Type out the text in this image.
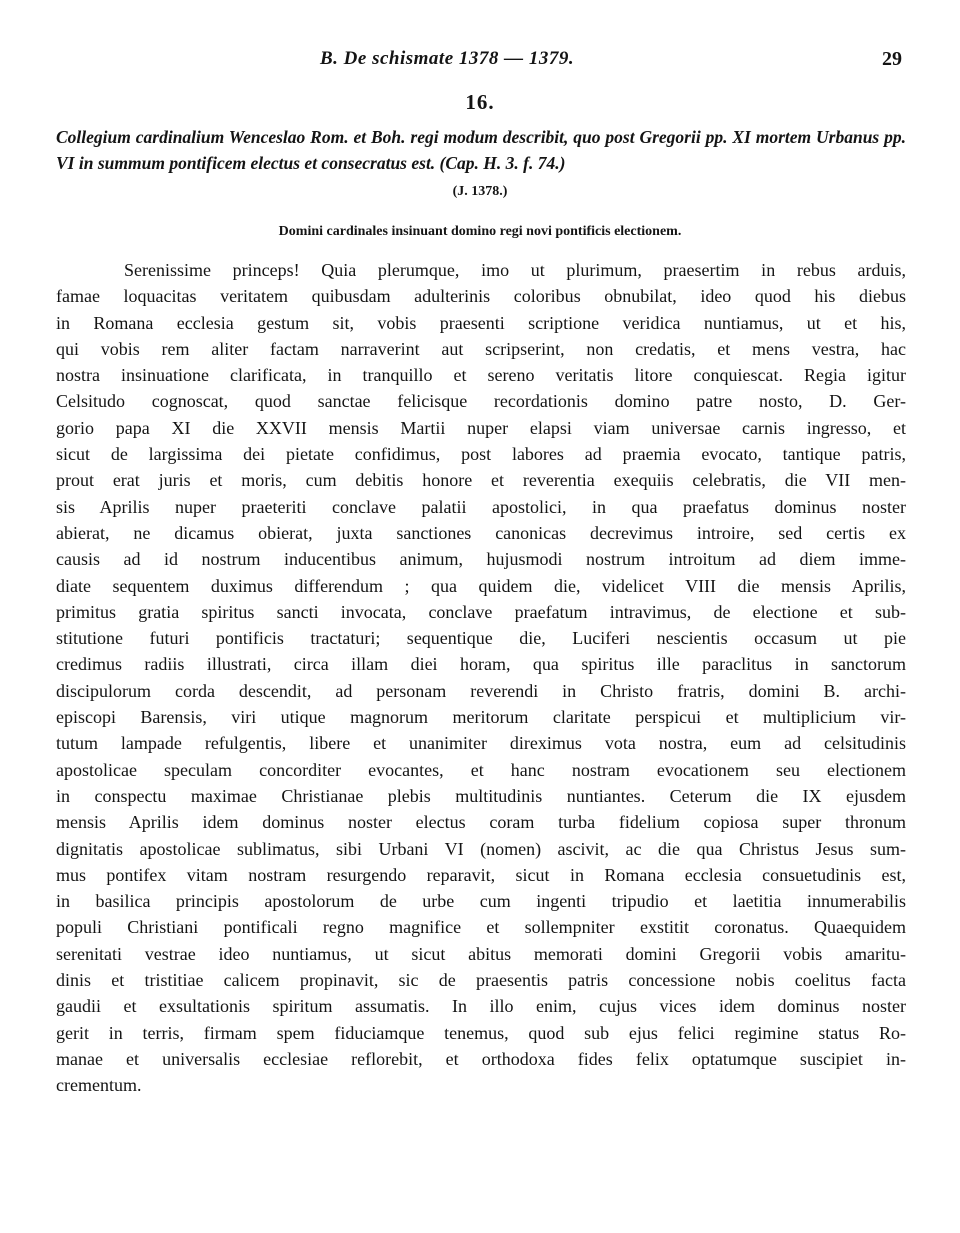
B. De schismate 1378 — 1379.	29
16.
Collegium cardinalium Wenceslao Rom. et Boh. regi modum describit, quo post Gregorii pp. XI mortem Urbanus pp. VI in summum pontificem electus et consecratus est. (Cap. H. 3. f. 74.)
(J. 1378.)
Domini cardinales insinuant domino regi novi pontificis electionem.
Serenissime princeps! Quia plerumque, imo ut plurimum, praesertim in rebus arduis,
famae loquacitas veritatem quibusdam adulterinis coloribus obnubilat, ideo quod his diebus
in Romana ecclesia gestum sit, vobis praesenti scriptione veridica nuntiamus, ut et his,
qui vobis rem aliter factam narraverint aut scripserint, non credatis, et mens vestra, hac
nostra insinuatione clarificata, in tranquillo et sereno veritatis litore conquiescat. Regia igitur
Celsitudo cognoscat, quod sanctae felicisque recordationis domino patre nosto, D. Ger-
gorio papa XI die XXVII mensis Martii nuper elapsi viam universae carnis ingresso, et
sicut de largissima dei pietate confidimus, post labores ad praemia evocato, tantique patris,
prout erat juris et moris, cum debitis honore et reverentia exequiis celebratis, die VII men-
sis Aprilis nuper praeteriti conclave palatii apostolici, in qua praefatus dominus noster
abierat, ne dicamus obierat, juxta sanctiones canonicas decrevimus introire, sed certis ex
causis ad id nostrum inducentibus animum, hujusmodi nostrum introitum ad diem imme-
diate sequentem duximus differendum ; qua quidem die, videlicet VIII die mensis Aprilis,
primitus gratia spiritus sancti invocata, conclave praefatum intravimus, de electione et sub-
stitutione futuri pontificis tractaturi; sequentique die, Luciferi nescientis occasum ut pie
credimus radiis illustrati, circa illam diei horam, qua spiritus ille paraclitus in sanctorum
discipulorum corda descendit, ad personam reverendi in Christo fratris, domini B. archi-
episcopi Barensis, viri utique magnorum meritorum claritate perspicui et multiplicium vir-
tutum lampade refulgentis, libere et unanimiter direximus vota nostra, eum ad celsitudinis
apostolicae speculam concorditer evocantes, et hanc nostram evocationem seu electionem
in conspectu maximae Christianae plebis multitudinis nuntiantes. Ceterum die IX ejusdem
mensis Aprilis idem dominus noster electus coram turba fidelium copiosa super thronum
dignitatis apostolicae sublimatus, sibi Urbani VI (nomen) ascivit, ac die qua Christus Jesus sum-
mus pontifex vitam nostram resurgendo reparavit, sicut in Romana ecclesia consuetudinis est,
in basilica principis apostolorum de urbe cum ingenti tripudio et laetitia innumerabilis
populi Christiani pontificali regno magnifice et sollempniter exstitit coronatus. Quaequidem
serenitati vestrae ideo nuntiamus, ut sicut abitus memorati domini Gregorii vobis amaritu-
dinis et tristitiae calicem propinavit, sic de praesentis patris concessione nobis coelitus facta
gaudii et exsultationis spiritum assumatis. In illo enim, cujus vices idem dominus noster
gerit in terris, firmam spem fiduciamque tenemus, quod sub ejus felici regimine status Ro-
manae et universalis ecclesiae reflorebit, et orthodoxa fides felix optatumque suscipiet in-
crementum.
